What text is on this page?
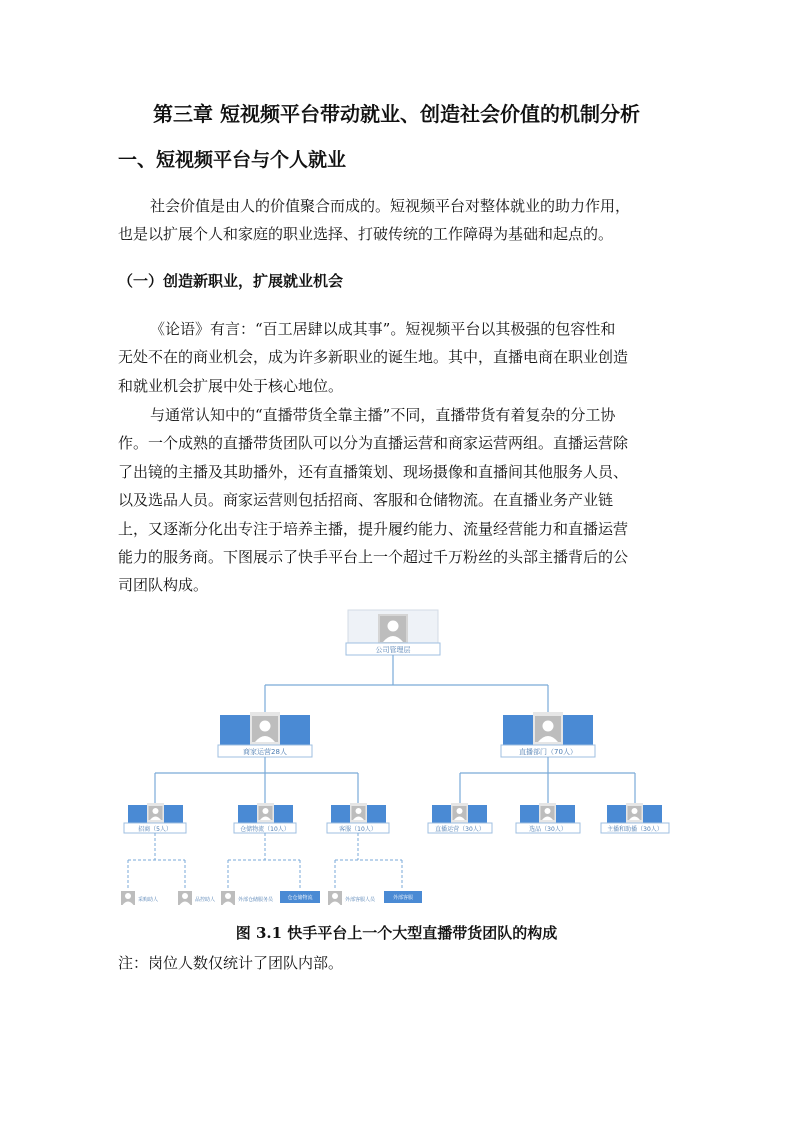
第三章 短视频平台带动就业、创造社会价值的机制分析
一、短视频平台与个人就业
社会价值是由人的价值聚合而成的。短视频平台对整体就业的助力作用，
也是以扩展个人和家庭的职业选择、打破传统的工作障碍为基础和起点的。
（一）创造新职业，扩展就业机会
《论语》有言：“百工居肆以成其事”。短视频平台以其极强的包容性和
无处不在的商业机会，成为许多新职业的诞生地。其中，直播电商在职业创造
和就业机会扩展中处于核心地位。
与通常认知中的“直播带货全靠主播”不同，直播带货有着复杂的分工协
作。一个成熟的直播带货团队可以分为直播运营和商家运营两组。直播运营除
了出镜的主播及其助播外，还有直播策划、现场摄像和直播间其他服务人员、
以及选品人员。商家运营则包括招商、客服和仓储物流。在直播业务产业链
上，又逐渐分化出专注于培养主播，提升履约能力、流量经营能力和直播运营
能力的服务商。下图展示了快手平台上一个超过千万粉丝的头部主播背后的公
司团队构成。
公司管理层
商家运营28人	直播部门（70人）
招商（5人）	仓储物流（10人）	客服（10人）	直播运营（30人）	选品（30人）	主播和助播（30人）
采购助人	品控助人	外部仓储服务员	仓仓储物流	外部客服人员	外部客服
图 3.1 快手平台上一个大型直播带货团队的构成
注：岗位人数仅统计了团队内部。
